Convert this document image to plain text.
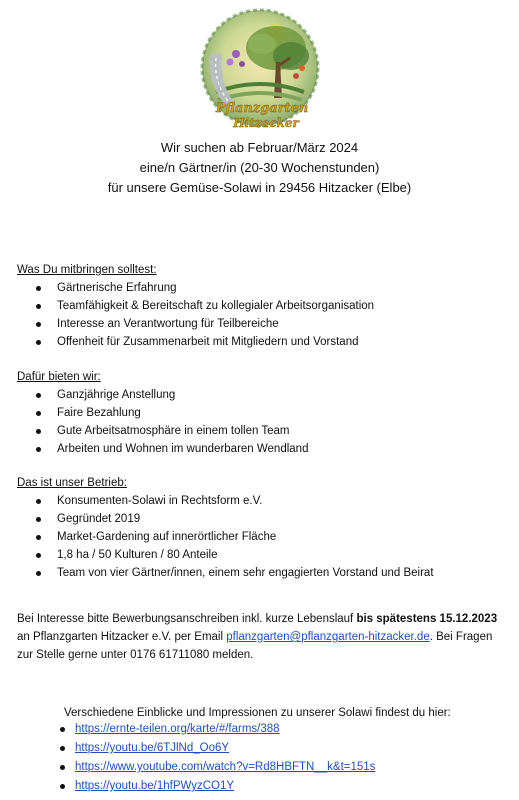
Pflanzgarten
Hitzacker
Wir suchen ab Februar/März 2024
eine/n Gärtner/in (20-30 Wochenstunden)
für unsere Gemüse-Solawi in 29456 Hitzacker (Elbe)
Was Du mitbringen solltest:
Gärtnerische Erfahrung
Teamfähigkeit & Bereitschaft zu kollegialer Arbeitsorganisation
Interesse an Verantwortung für Teilbereiche
Offenheit für Zusammenarbeit mit Mitgliedern und Vorstand
Dafür bieten wir:
Ganzjährige Anstellung
Faire Bezahlung
Gute Arbeitsatmosphäre in einem tollen Team
Arbeiten und Wohnen im wunderbaren Wendland
Das ist unser Betrieb:
Konsumenten-Solawi in Rechtsform e.V.
Gegründet 2019
Market-Gardening auf innerörtlicher Fläche
1,8 ha / 50 Kulturen / 80 Anteile
Team von vier Gärtner/innen, einem sehr engagierten Vorstand und Beirat
Bei Interesse bitte Bewerbungsanschreiben inkl. kurze Lebenslauf bis spätestens 15.12.2023
an Pflanzgarten Hitzacker e.V. per Email pflanzgarten@pflanzgarten-hitzacker.de. Bei Fragen
zur Stelle gerne unter 0176 61711080 melden.
Verschiedene Einblicke und Impressionen zu unserer Solawi findest du hier:
https://ernte-teilen.org/karte/#/farms/388
https://youtu.be/6TJlNd_Oo6Y
https://www.youtube.com/watch?v=Rd8HBFTN__k&t=151s
https://youtu.be/1hfPWyzCO1Y
